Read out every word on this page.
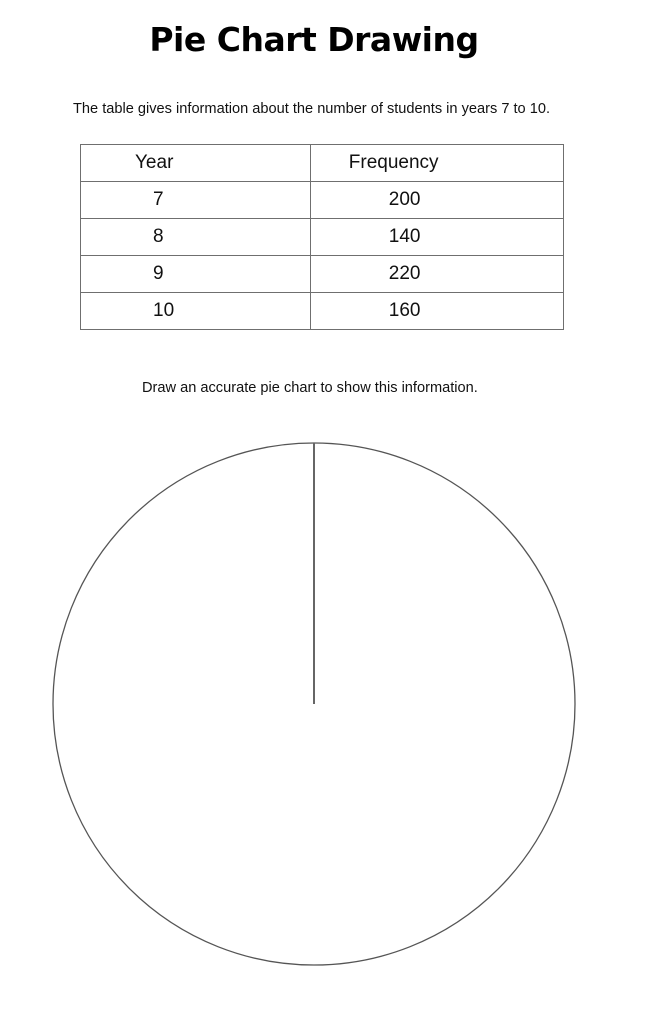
Pie Chart Drawing

The table gives information about the number of students in years 7 to 10.

Year	Frequency
7	200
8	140
9	220
10	160

Draw an accurate pie chart to show this information.
